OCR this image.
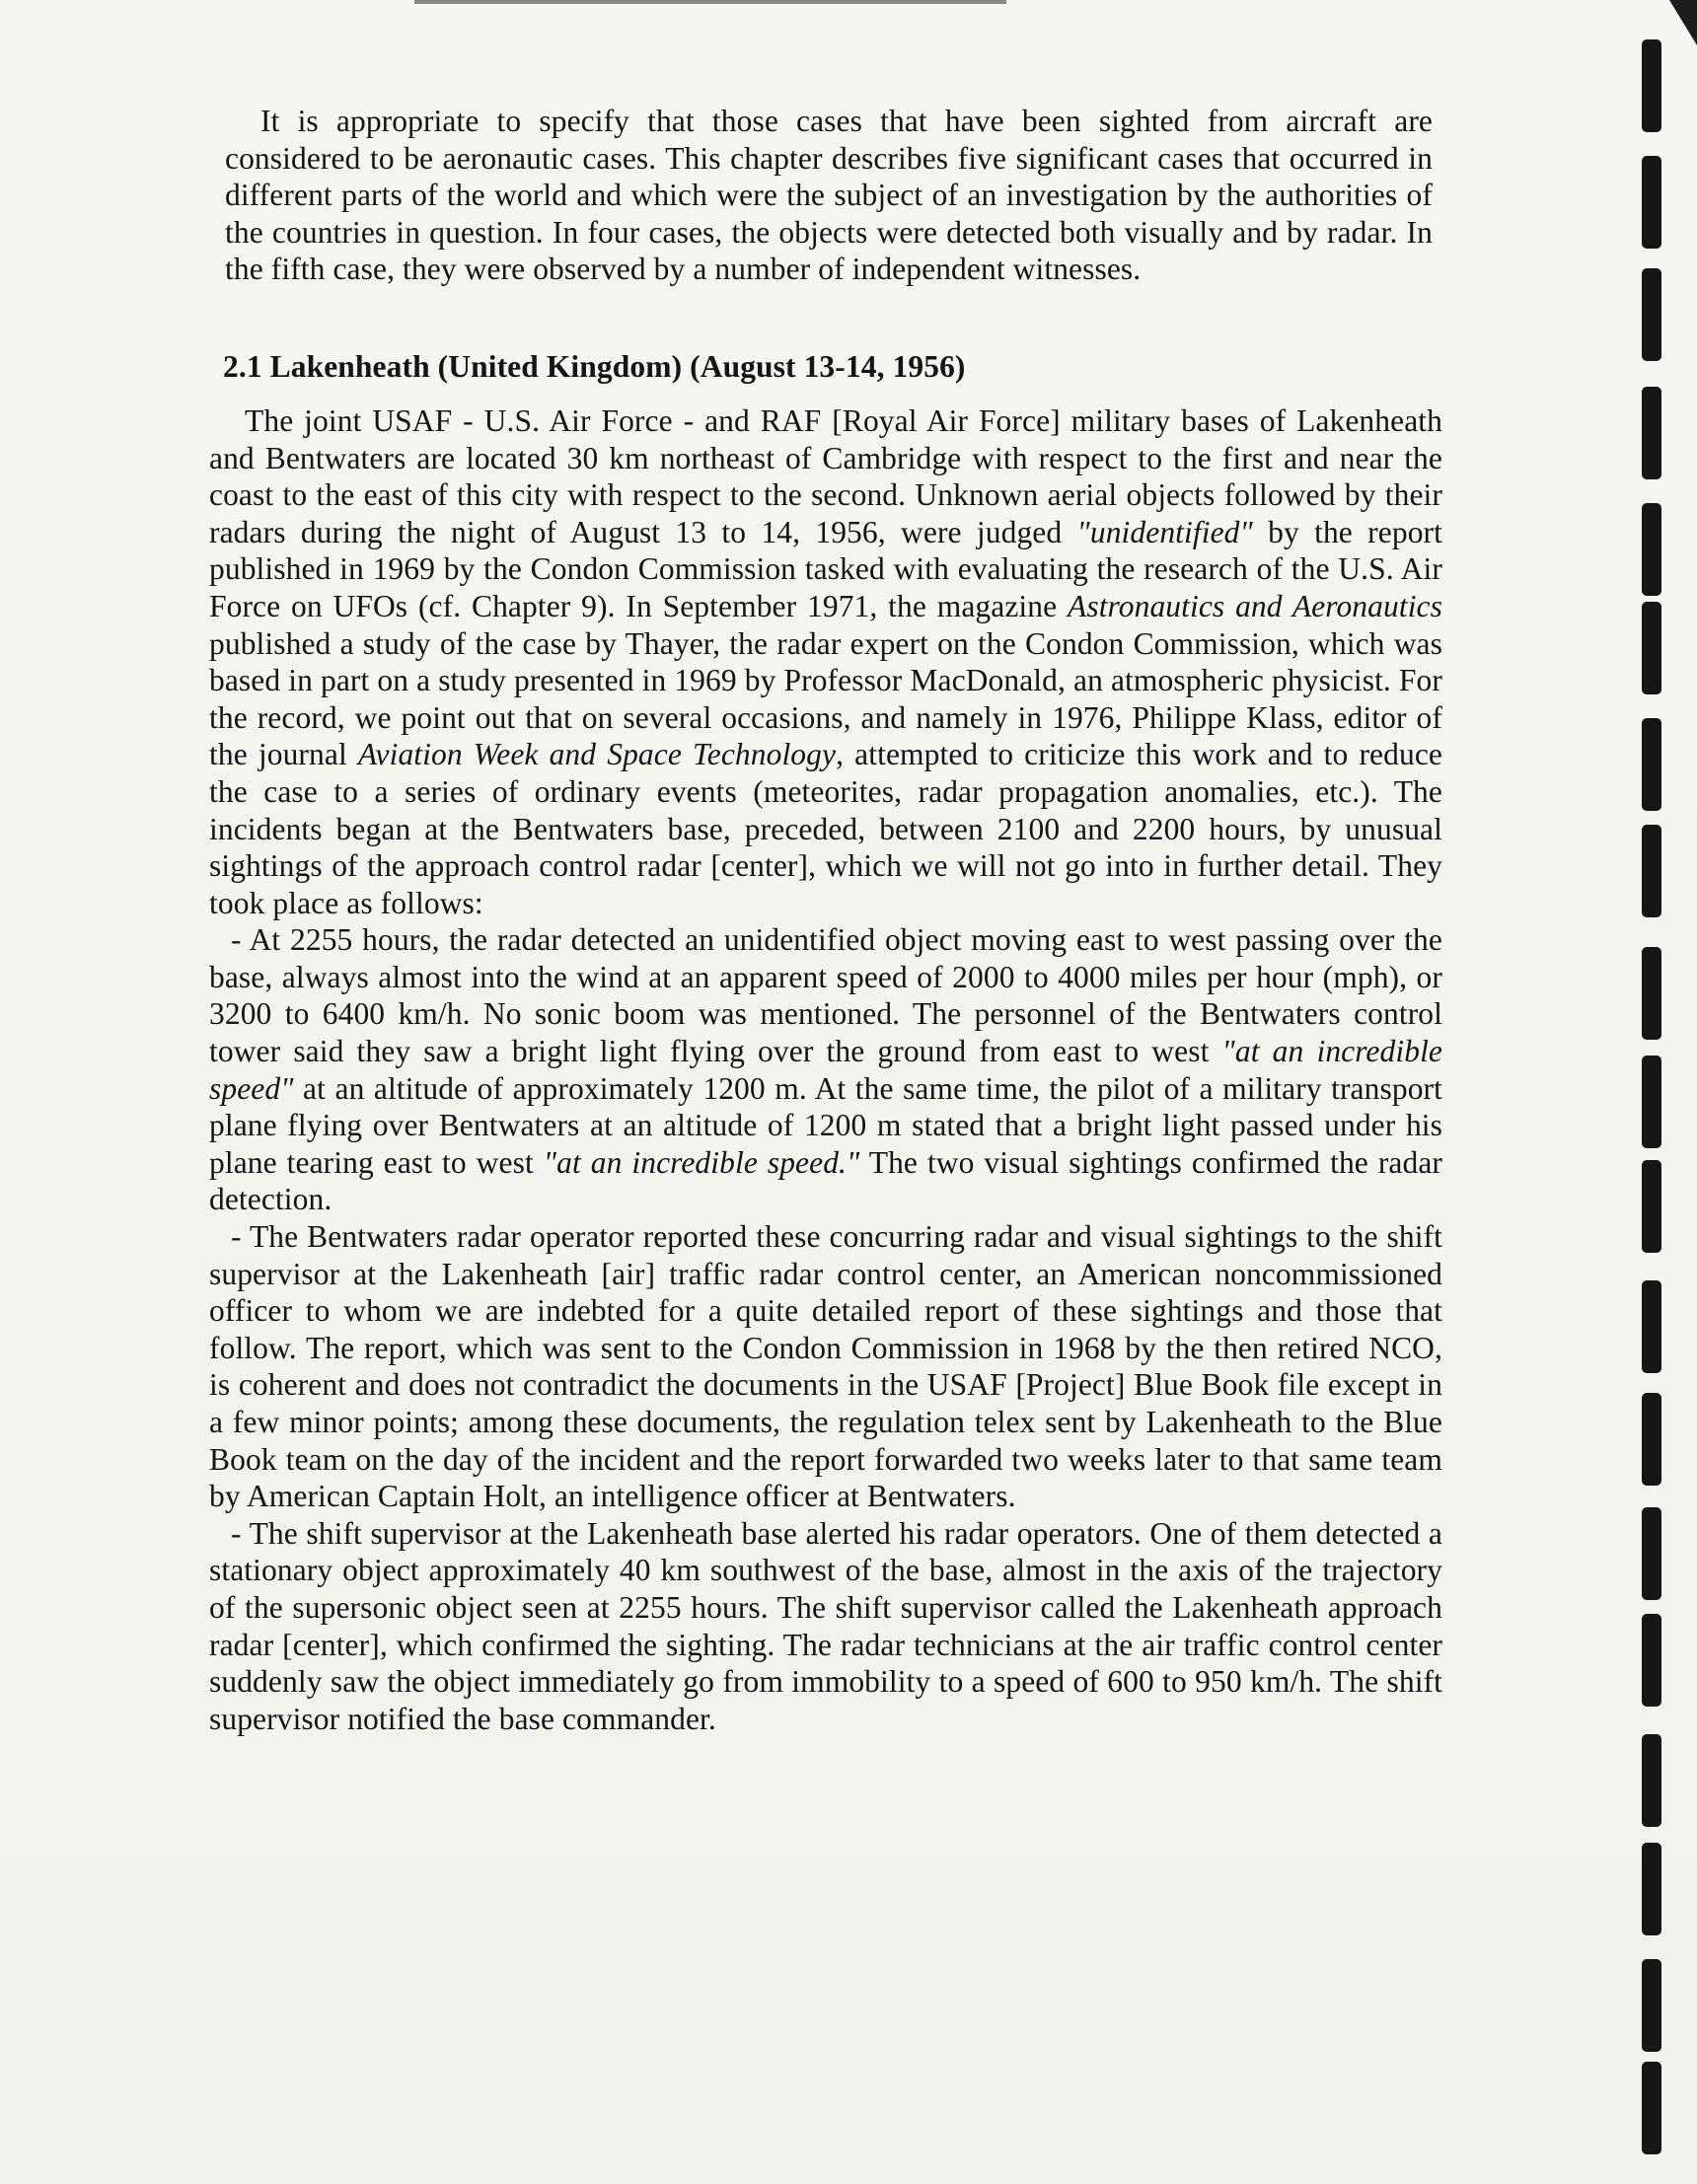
It is appropriate to specify that those cases that have been sighted from aircraft are considered to be aeronautic cases. This chapter describes five significant cases that occurred in different parts of the world and which were the subject of an investigation by the authorities of the countries in question. In four cases, the objects were detected both visually and by radar. In the fifth case, they were observed by a number of independent witnesses.

2.1 Lakenheath (United Kingdom) (August 13-14, 1956)

The joint USAF - U.S. Air Force - and RAF [Royal Air Force] military bases of Lakenheath and Bentwaters are located 30 km northeast of Cambridge with respect to the first and near the coast to the east of this city with respect to the second. Unknown aerial objects followed by their radars during the night of August 13 to 14, 1956, were judged "unidentified" by the report published in 1969 by the Condon Commission tasked with evaluating the research of the U.S. Air Force on UFOs (cf. Chapter 9). In September 1971, the magazine Astronautics and Aeronautics published a study of the case by Thayer, the radar expert on the Condon Commission, which was based in part on a study presented in 1969 by Professor MacDonald, an atmospheric physicist. For the record, we point out that on several occasions, and namely in 1976, Philippe Klass, editor of the journal Aviation Week and Space Technology, attempted to criticize this work and to reduce the case to a series of ordinary events (meteorites, radar propagation anomalies, etc.). The incidents began at the Bentwaters base, preceded, between 2100 and 2200 hours, by unusual sightings of the approach control radar [center], which we will not go into in further detail. They took place as follows:

- At 2255 hours, the radar detected an unidentified object moving east to west passing over the base, always almost into the wind at an apparent speed of 2000 to 4000 miles per hour (mph), or 3200 to 6400 km/h. No sonic boom was mentioned. The personnel of the Bentwaters control tower said they saw a bright light flying over the ground from east to west "at an incredible speed" at an altitude of approximately 1200 m. At the same time, the pilot of a military transport plane flying over Bentwaters at an altitude of 1200 m stated that a bright light passed under his plane tearing east to west "at an incredible speed." The two visual sightings confirmed the radar detection.

- The Bentwaters radar operator reported these concurring radar and visual sightings to the shift supervisor at the Lakenheath [air] traffic radar control center, an American noncommissioned officer to whom we are indebted for a quite detailed report of these sightings and those that follow. The report, which was sent to the Condon Commission in 1968 by the then retired NCO, is coherent and does not contradict the documents in the USAF [Project] Blue Book file except in a few minor points; among these documents, the regulation telex sent by Lakenheath to the Blue Book team on the day of the incident and the report forwarded two weeks later to that same team by American Captain Holt, an intelligence officer at Bentwaters.

- The shift supervisor at the Lakenheath base alerted his radar operators. One of them detected a stationary object approximately 40 km southwest of the base, almost in the axis of the trajectory of the supersonic object seen at 2255 hours. The shift supervisor called the Lakenheath approach radar [center], which confirmed the sighting. The radar technicians at the air traffic control center suddenly saw the object immediately go from immobility to a speed of 600 to 950 km/h. The shift supervisor notified the base commander.
